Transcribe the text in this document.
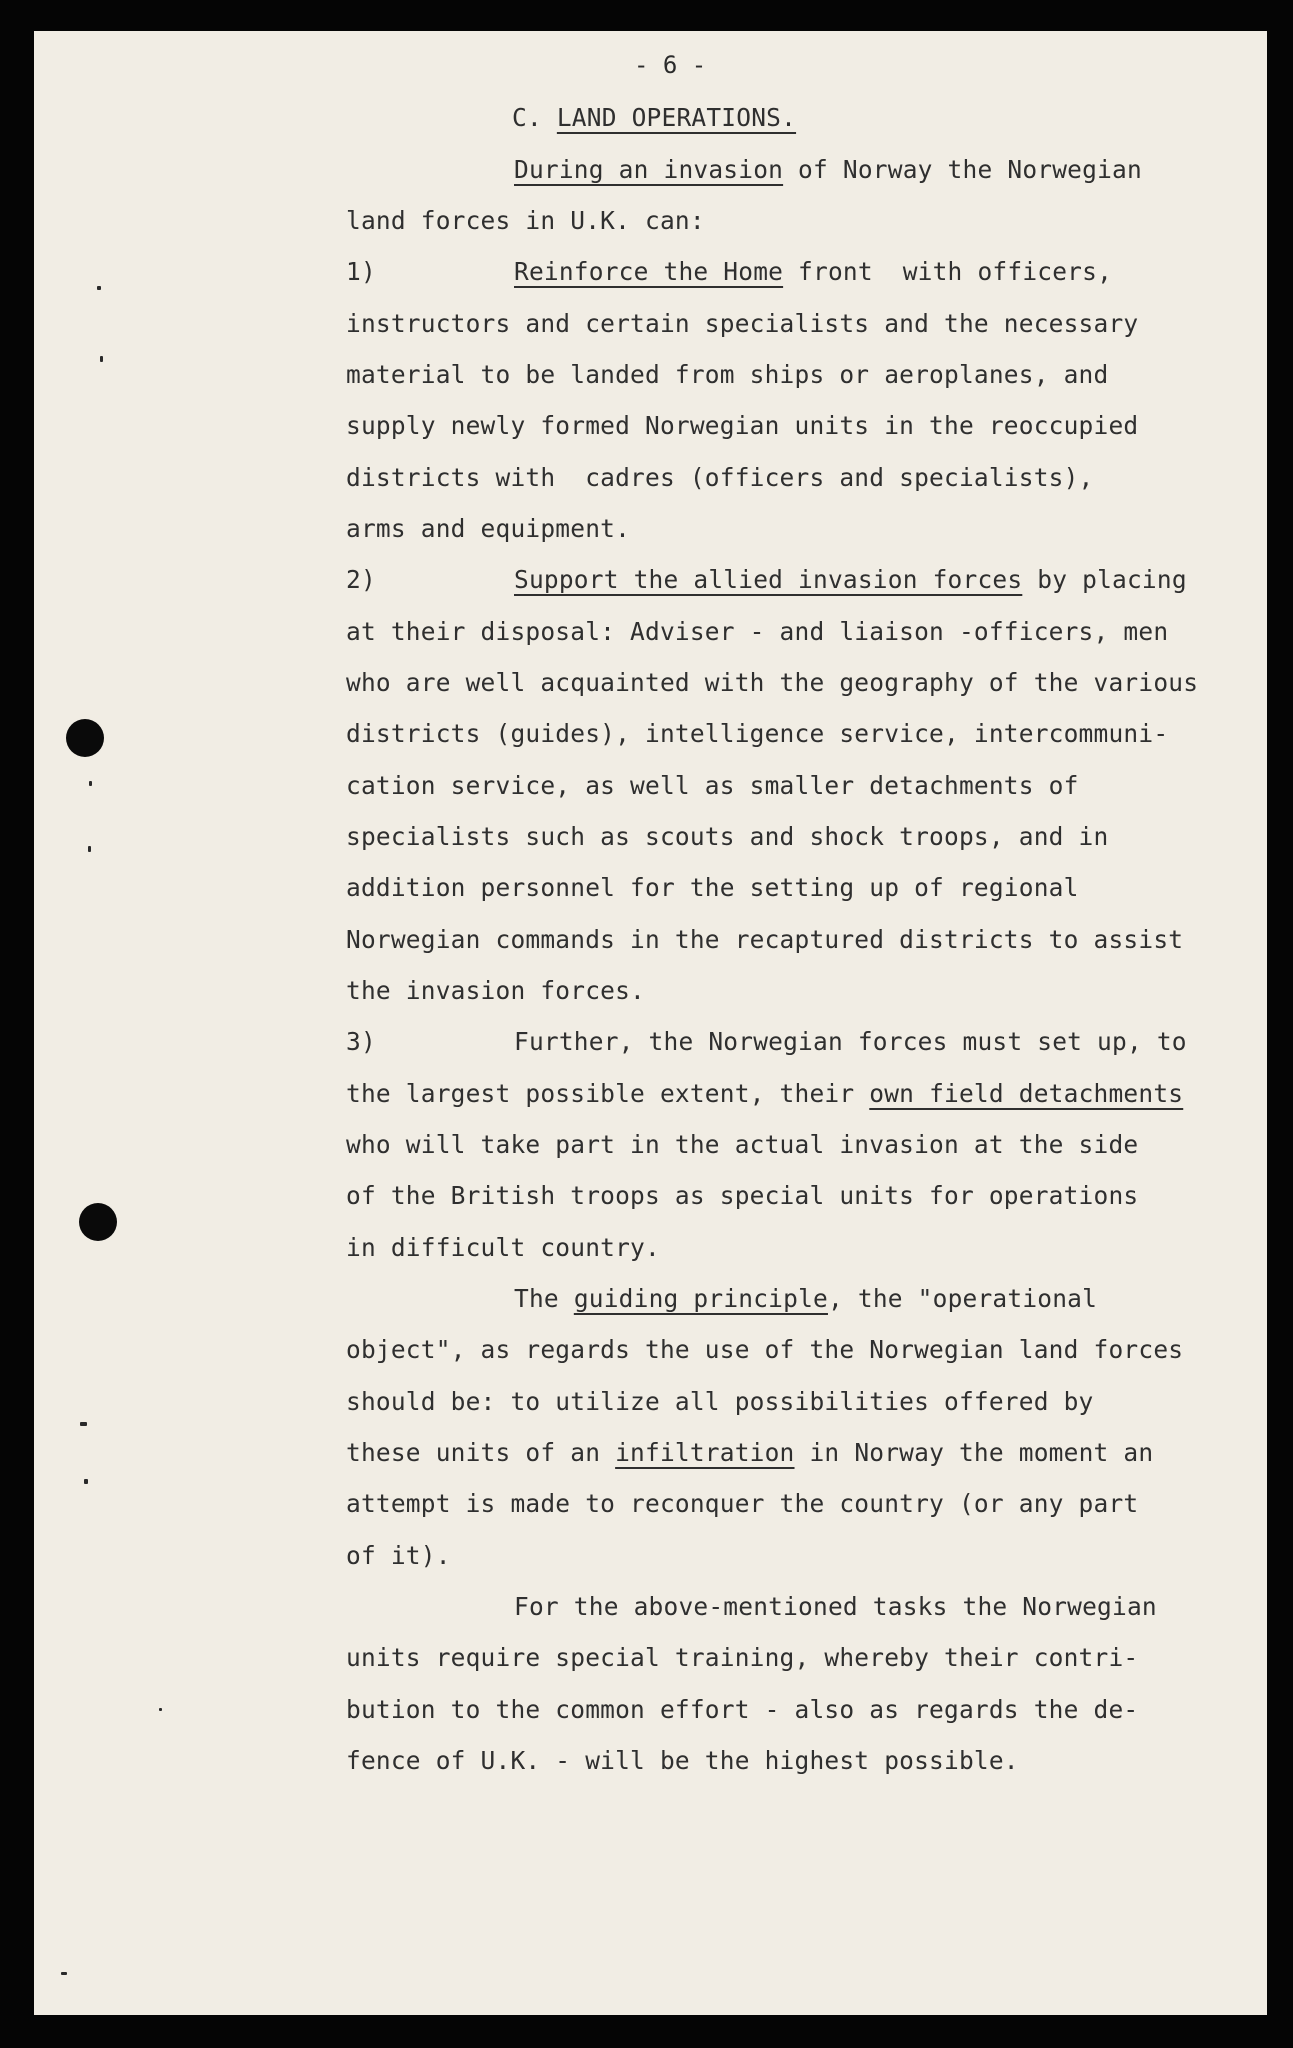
- 6 -
C. LAND OPERATIONS.
During an invasion of Norway the Norwegian
land forces in U.K. can:
1)	Reinforce the Home front  with officers,
instructors and certain specialists and the necessary
material to be landed from ships or aeroplanes, and
supply newly formed Norwegian units in the reoccupied
districts with  cadres (officers and specialists),
arms and equipment.
2)	Support the allied invasion forces by placing
at their disposal: Adviser - and liaison -officers, men
who are well acquainted with the geography of the various
districts (guides), intelligence service, intercommuni-
cation service, as well as smaller detachments of
specialists such as scouts and shock troops, and in
addition personnel for the setting up of regional
Norwegian commands in the recaptured districts to assist
the invasion forces.
3)	Further, the Norwegian forces must set up, to
the largest possible extent, their own field detachments
who will take part in the actual invasion at the side
of the British troops as special units for operations
in difficult country.
The guiding principle, the "operational
object", as regards the use of the Norwegian land forces
should be: to utilize all possibilities offered by
these units of an infiltration in Norway the moment an
attempt is made to reconquer the country (or any part
of it).
For the above-mentioned tasks the Norwegian
units require special training, whereby their contri-
bution to the common effort - also as regards the de-
fence of U.K. - will be the highest possible.
